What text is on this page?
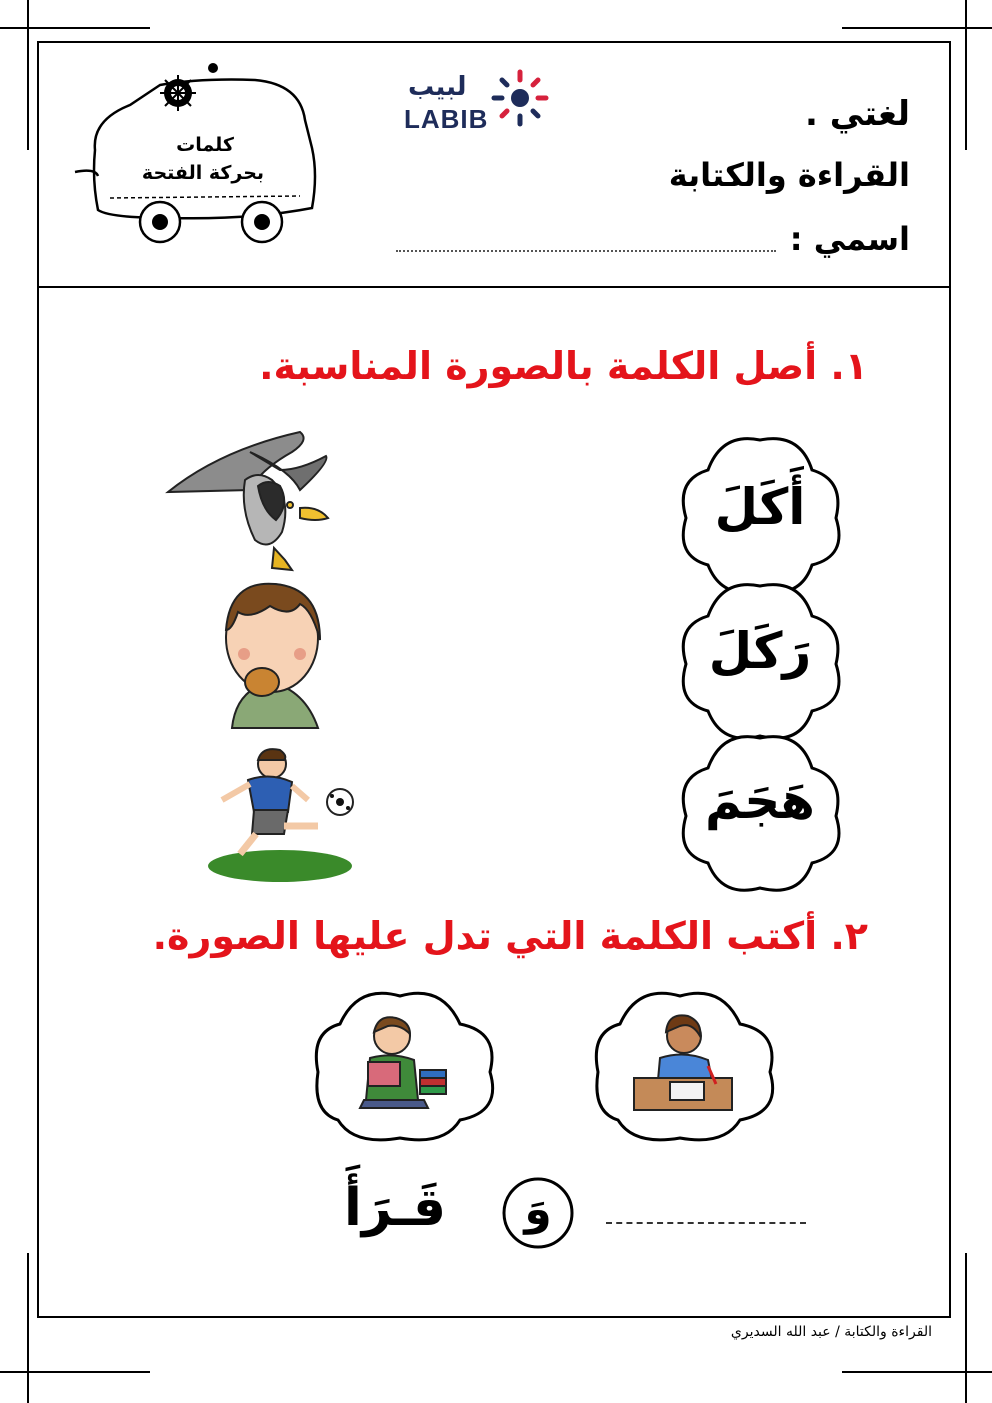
كلمات
بحركة الفتحة
لبيب
LABIB	لغتي .
القراءة والكتابة
اسمي :
١. أصل الكلمة بالصورة المناسبة.
أَكَلَ
رَكَلَ
هَجَمَ
٢. أكتب الكلمة التي تدل عليها الصورة.
وَ
قَـرَأَ
القراءة والكتابة / عبد الله السديري
